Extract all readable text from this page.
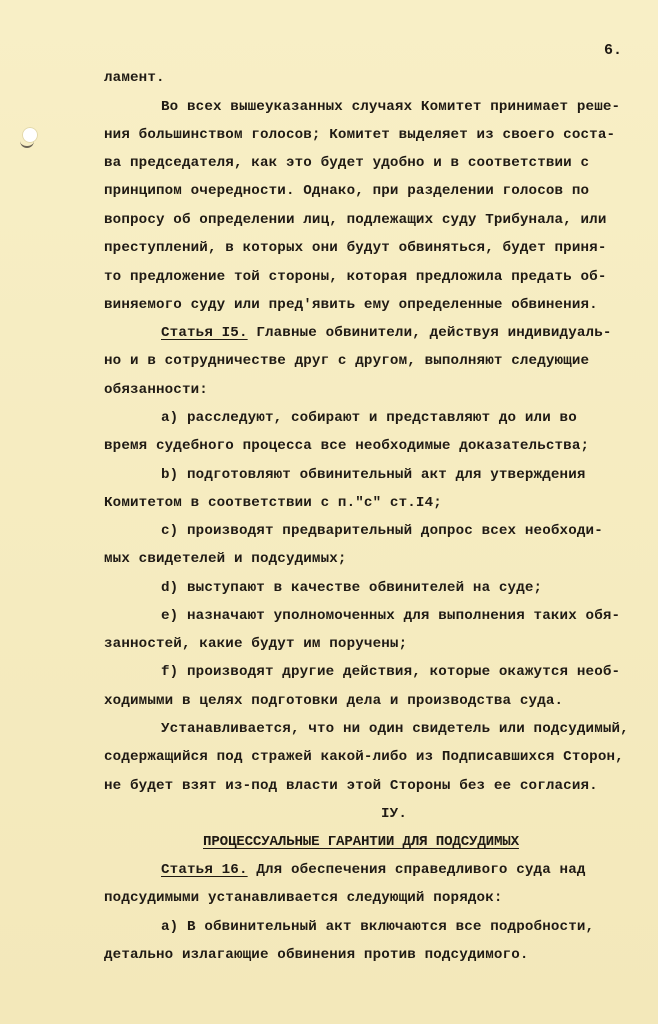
6.
ламент.
Во всех вышеуказанных случаях Комитет принимает реше-
ния большинством голосов; Комитет выделяет из своего соста-
ва председателя, как это будет удобно и в соответствии с
принципом очередности. Однако, при разделении голосов по
вопросу об определении лиц, подлежащих суду Трибунала, или
преступлений, в которых они будут обвиняться, будет приня-
то предложение той стороны, которая предложила предать об-
виняемого суду или пред'явить ему определенные обвинения.
Статья I5. Главные обвинители, действуя индивидуаль-
но и в сотрудничестве друг с другом, выполняют следующие
обязанности:
а) расследуют, собирают и представляют до или во
время судебного процесса все необходимые доказательства;
b) подготовляют обвинительный акт для утверждения
Комитетом в соответствии с п."с" ст.I4;
с) производят предварительный допрос всех необходи-
мых свидетелей и подсудимых;
d) выступают в качестве обвинителей на суде;
е) назначают уполномоченных для выполнения таких обя-
занностей, какие будут им поручены;
f) производят другие действия, которые окажутся необ-
ходимыми в целях подготовки дела и производства суда.
Устанавливается, что ни один свидетель или подсудимый,
содержащийся под стражей какой-либо из Подписавшихся Сторон,
не будет взят из-под власти этой Стороны без ее согласия.
IУ.
ПРОЦЕССУАЛЬНЫЕ ГАРАНТИИ ДЛЯ ПОДСУДИМЫХ
Статья 16. Для обеспечения справедливого суда над
подсудимыми устанавливается следующий порядок:
а) В обвинительный акт включаются все подробности,
детально излагающие обвинения против подсудимого.
